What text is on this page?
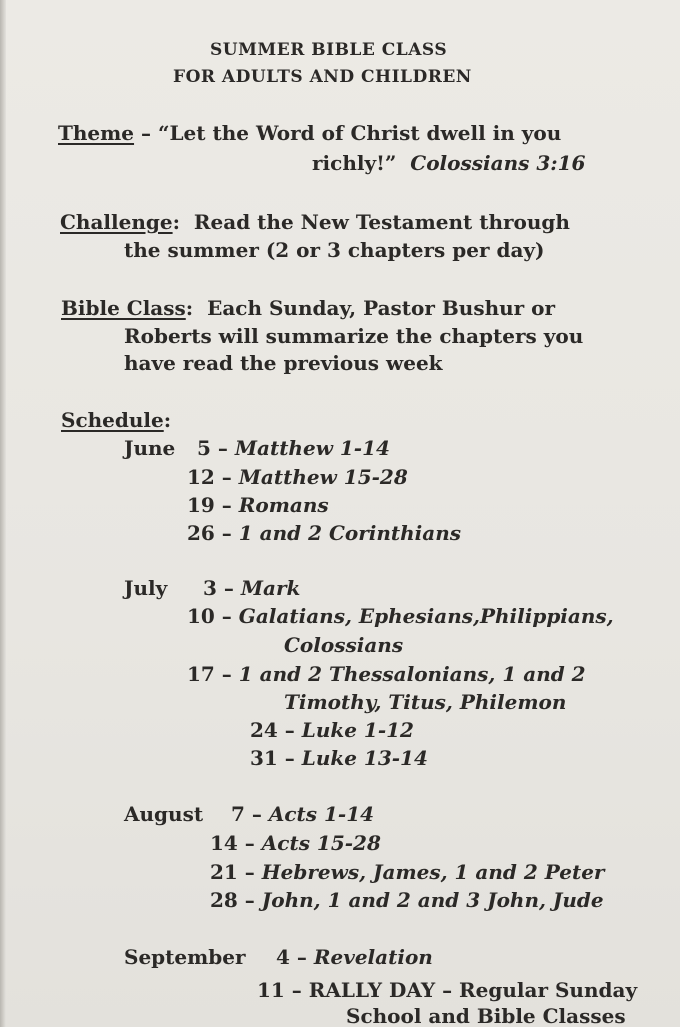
SUMMER BIBLE CLASS
FOR ADULTS AND CHILDREN
Theme – “Let the Word of Christ dwell in you
richly!” Colossians 3:16
Challenge: Read the New Testament through
the summer (2 or 3 chapters per day)
Bible Class: Each Sunday, Pastor Bushur or
Roberts will summarize the chapters you
have read the previous week
Schedule:
June 5 – Matthew 1-14
12 – Matthew 15-28
19 – Romans
26 – 1 and 2 Corinthians
July 3 – Mark
10 – Galatians, Ephesians,Philippians,
Colossians
17 – 1 and 2 Thessalonians, 1 and 2
Timothy, Titus, Philemon
24 – Luke 1-12
31 – Luke 13-14
August 7 – Acts 1-14
14 – Acts 15-28
21 – Hebrews, James, 1 and 2 Peter
28 – John, 1 and 2 and 3 John, Jude
September 4 – Revelation
11 – RALLY DAY – Regular Sunday
School and Bible Classes
